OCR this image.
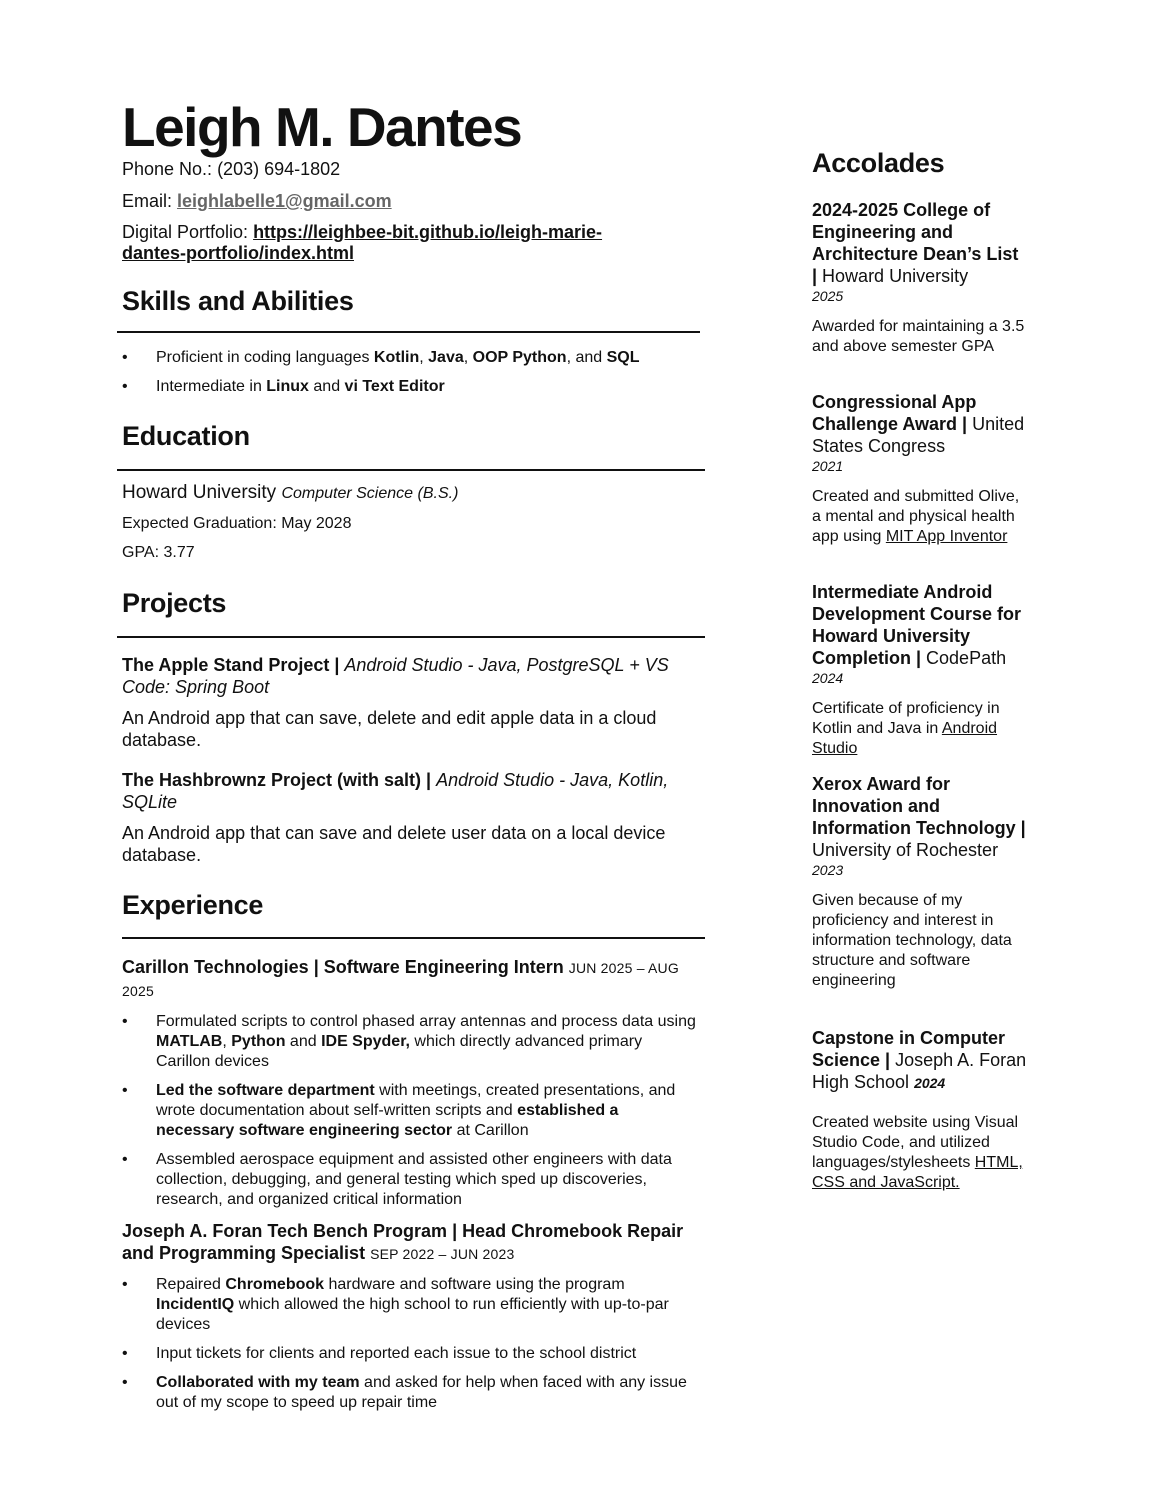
Leigh M. Dantes
Phone No.: (203) 694-1802
Email: leighlabelle1@gmail.com
Digital Portfolio: https://leighbee-bit.github.io/leigh-marie-
dantes-portfolio/index.html
Skills and Abilities
• Proficient in coding languages Kotlin, Java, OOP Python, and SQL
• Intermediate in Linux and vi Text Editor
Education
Howard University Computer Science (B.S.)
Expected Graduation: May 2028
GPA: 3.77
Projects
The Apple Stand Project | Android Studio - Java, PostgreSQL + VS Code: Spring Boot
An Android app that can save, delete and edit apple data in a cloud database.
The Hashbrownz Project (with salt) | Android Studio - Java, Kotlin, SQLite
An Android app that can save and delete user data on a local device database.
Experience
Carillon Technologies | Software Engineering Intern JUN 2025 – AUG 2025
• Formulated scripts to control phased array antennas and process data using MATLAB, Python and IDE Spyder, which directly advanced primary Carillon devices
• Led the software department with meetings, created presentations, and wrote documentation about self-written scripts and established a necessary software engineering sector at Carillon
• Assembled aerospace equipment and assisted other engineers with data collection, debugging, and general testing which sped up discoveries, research, and organized critical information
Joseph A. Foran Tech Bench Program | Head Chromebook Repair and Programming Specialist SEP 2022 – JUN 2023
• Repaired Chromebook hardware and software using the program IncidentIQ which allowed the high school to run efficiently with up-to-par devices
• Input tickets for clients and reported each issue to the school district
• Collaborated with my team and asked for help when faced with any issue out of my scope to speed up repair time
Accolades
2024-2025 College of Engineering and Architecture Dean’s List | Howard University
2025
Awarded for maintaining a 3.5 and above semester GPA
Congressional App Challenge Award | United States Congress
2021
Created and submitted Olive, a mental and physical health app using MIT App Inventor
Intermediate Android Development Course for Howard University Completion | CodePath
2024
Certificate of proficiency in Kotlin and Java in Android Studio
Xerox Award for Innovation and Information Technology | University of Rochester
2023
Given because of my proficiency and interest in information technology, data structure and software engineering
Capstone in Computer Science | Joseph A. Foran High School 2024
Created website using Visual Studio Code, and utilized languages/stylesheets HTML, CSS and JavaScript.
